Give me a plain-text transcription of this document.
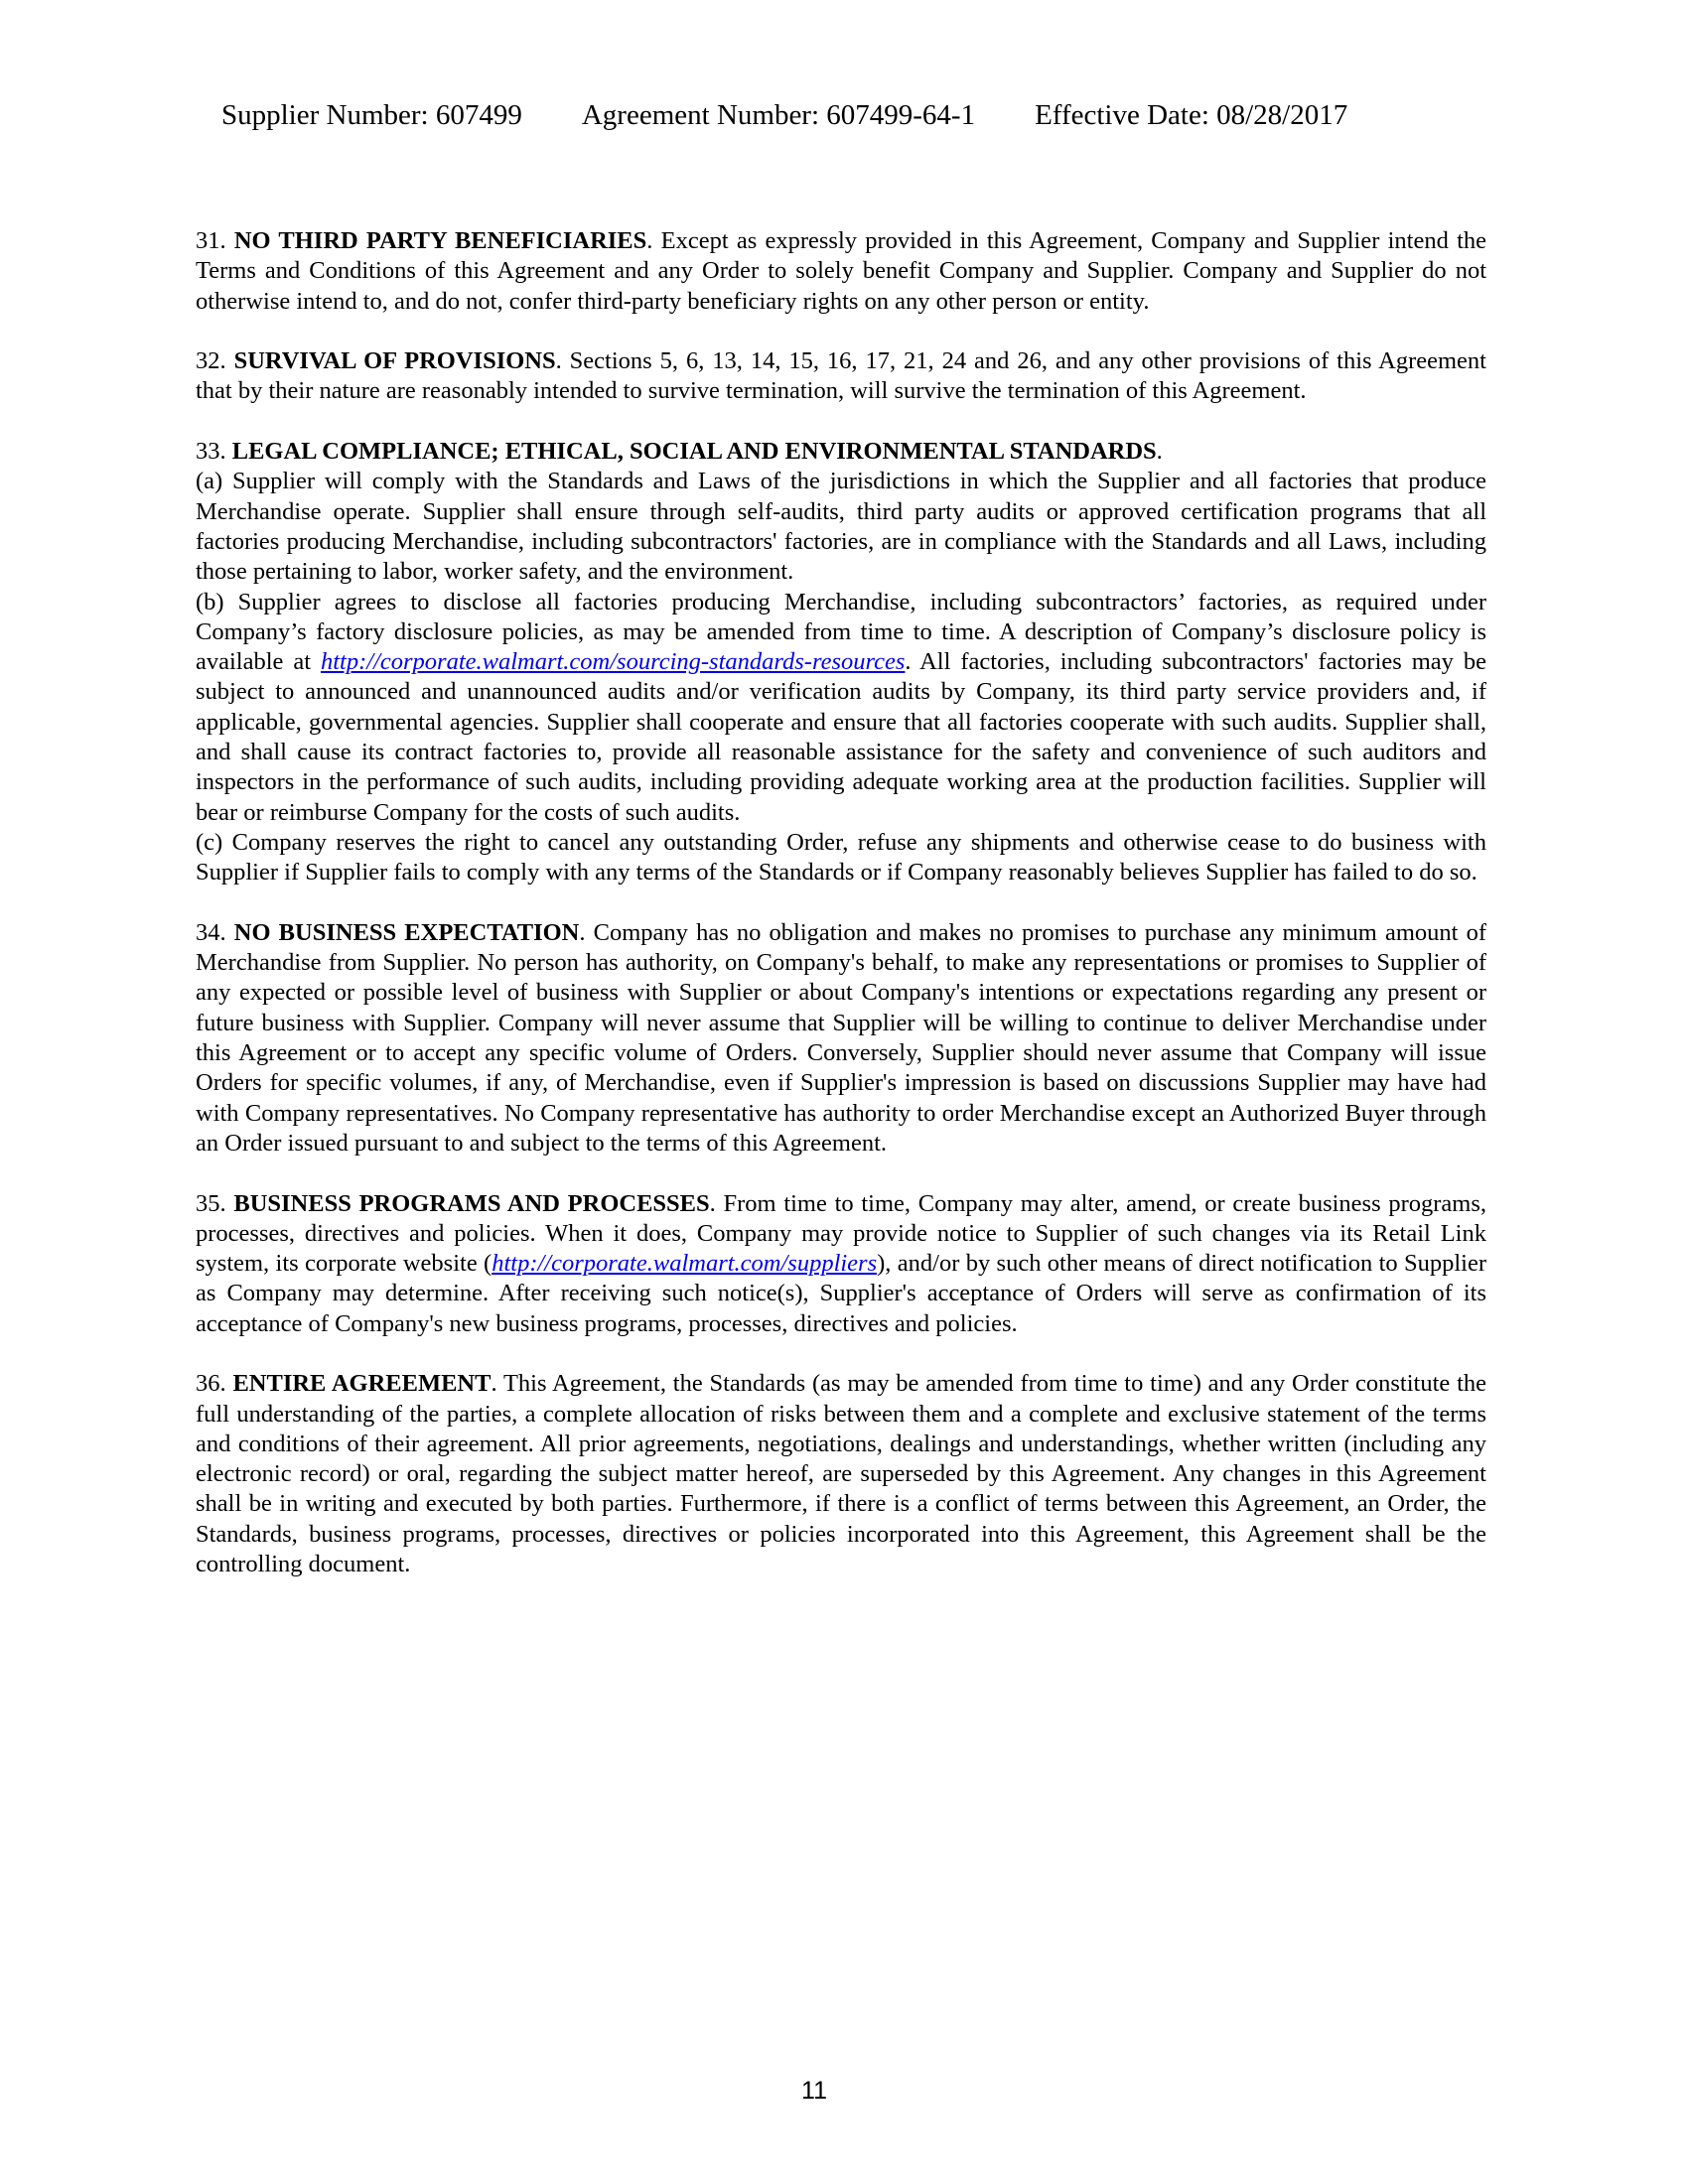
Supplier Number: 607499 Agreement Number: 607499-64-1 Effective Date: 08/28/2017

31. NO THIRD PARTY BENEFICIARIES. Except as expressly provided in this Agreement, Company and Supplier intend the Terms and Conditions of this Agreement and any Order to solely benefit Company and Supplier. Company and Supplier do not otherwise intend to, and do not, confer third-party beneficiary rights on any other person or entity.

32. SURVIVAL OF PROVISIONS. Sections 5, 6, 13, 14, 15, 16, 17, 21, 24 and 26, and any other provisions of this Agreement that by their nature are reasonably intended to survive termination, will survive the termination of this Agreement.

33. LEGAL COMPLIANCE; ETHICAL, SOCIAL AND ENVIRONMENTAL STANDARDS.

(a) Supplier will comply with the Standards and Laws of the jurisdictions in which the Supplier and all factories that produce Merchandise operate. Supplier shall ensure through self-audits, third party audits or approved certification programs that all factories producing Merchandise, including subcontractors' factories, are in compliance with the Standards and all Laws, including those pertaining to labor, worker safety, and the environment.

(b) Supplier agrees to disclose all factories producing Merchandise, including subcontractors’ factories, as required under Company’s factory disclosure policies, as may be amended from time to time. A description of Company’s disclosure policy is available at http://corporate.walmart.com/sourcing-standards-resources. All factories, including subcontractors' factories may be subject to announced and unannounced audits and/or verification audits by Company, its third party service providers and, if applicable, governmental agencies. Supplier shall cooperate and ensure that all factories cooperate with such audits. Supplier shall, and shall cause its contract factories to, provide all reasonable assistance for the safety and convenience of such auditors and inspectors in the performance of such audits, including providing adequate working area at the production facilities. Supplier will bear or reimburse Company for the costs of such audits.

(c) Company reserves the right to cancel any outstanding Order, refuse any shipments and otherwise cease to do business with Supplier if Supplier fails to comply with any terms of the Standards or if Company reasonably believes Supplier has failed to do so.

34. NO BUSINESS EXPECTATION. Company has no obligation and makes no promises to purchase any minimum amount of Merchandise from Supplier. No person has authority, on Company's behalf, to make any representations or promises to Supplier of any expected or possible level of business with Supplier or about Company's intentions or expectations regarding any present or future business with Supplier. Company will never assume that Supplier will be willing to continue to deliver Merchandise under this Agreement or to accept any specific volume of Orders. Conversely, Supplier should never assume that Company will issue Orders for specific volumes, if any, of Merchandise, even if Supplier's impression is based on discussions Supplier may have had with Company representatives. No Company representative has authority to order Merchandise except an Authorized Buyer through an Order issued pursuant to and subject to the terms of this Agreement.

35. BUSINESS PROGRAMS AND PROCESSES. From time to time, Company may alter, amend, or create business programs, processes, directives and policies. When it does, Company may provide notice to Supplier of such changes via its Retail Link system, its corporate website (http://corporate.walmart.com/suppliers), and/or by such other means of direct notification to Supplier as Company may determine. After receiving such notice(s), Supplier's acceptance of Orders will serve as confirmation of its acceptance of Company's new business programs, processes, directives and policies.

36. ENTIRE AGREEMENT. This Agreement, the Standards (as may be amended from time to time) and any Order constitute the full understanding of the parties, a complete allocation of risks between them and a complete and exclusive statement of the terms and conditions of their agreement. All prior agreements, negotiations, dealings and understandings, whether written (including any electronic record) or oral, regarding the subject matter hereof, are superseded by this Agreement. Any changes in this Agreement shall be in writing and executed by both parties. Furthermore, if there is a conflict of terms between this Agreement, an Order, the Standards, business programs, processes, directives or policies incorporated into this Agreement, this Agreement shall be the controlling document.

11
